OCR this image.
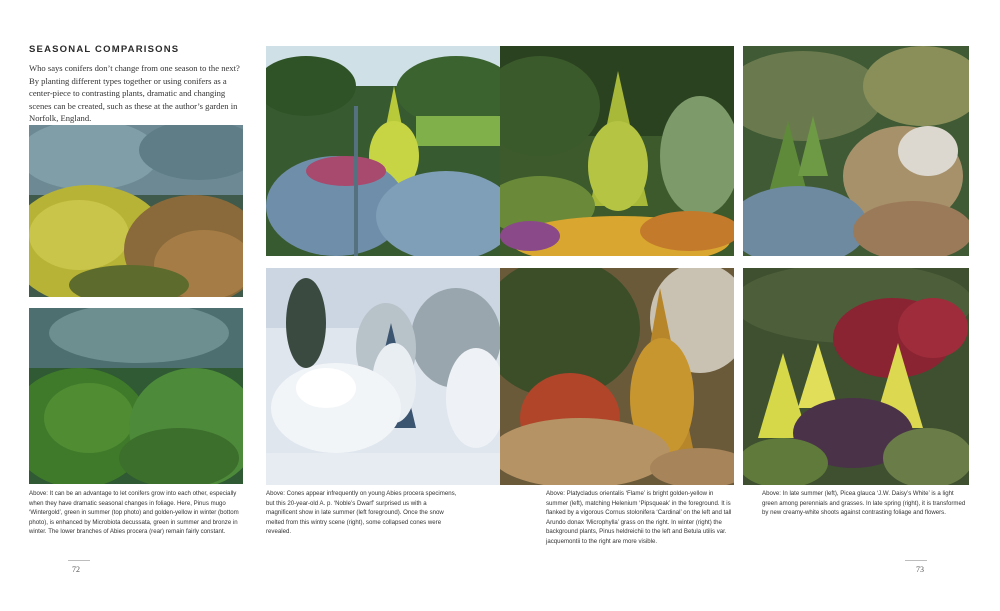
SEASONAL COMPARISONS
Who says conifers don’t change from one season to the next? By planting different types together or using conifers as a center-piece to contrasting plants, dramatic and changing scenes can be created, such as these at the author’s garden in Norfolk, England.
Above: It can be an advantage to let conifers grow into each other, especially when they have dramatic seasonal changes in foliage. Here, Pinus mugo ‘Wintergold’, green in summer (top photo) and golden-yellow in winter (bottom photo), is enhanced by Microbiota decussata, green in summer and bronze in winter. The lower branches of Abies procera (rear) remain fairly constant.
Above: Cones appear infrequently on young Abies procera specimens, but this 20-year-old A. p. ‘Noble’s Dwarf’ surprised us with a magnificent show in late summer (left foreground). Once the snow melted from this wintry scene (right), some collapsed cones were revealed.
Above: Platycladus orientalis ‘Flame’ is bright golden-yellow in summer (left), matching Helenium ‘Pipsqueak’ in the foreground. It is flanked by a vigorous Cornus stolonifera ‘Cardinal’ on the left and tall Arundo donax ‘Microphylla’ grass on the right. In winter (right) the background plants, Pinus heldreichii to the left and Betula utilis var. jacquemontii to the right are more visible.
Above: In late summer (left), Picea glauca ‘J.W. Daisy’s White’ is a light green among perennials and grasses. In late spring (right), it is transformed by new creamy-white shoots against contrasting foliage and flowers.
72	73
